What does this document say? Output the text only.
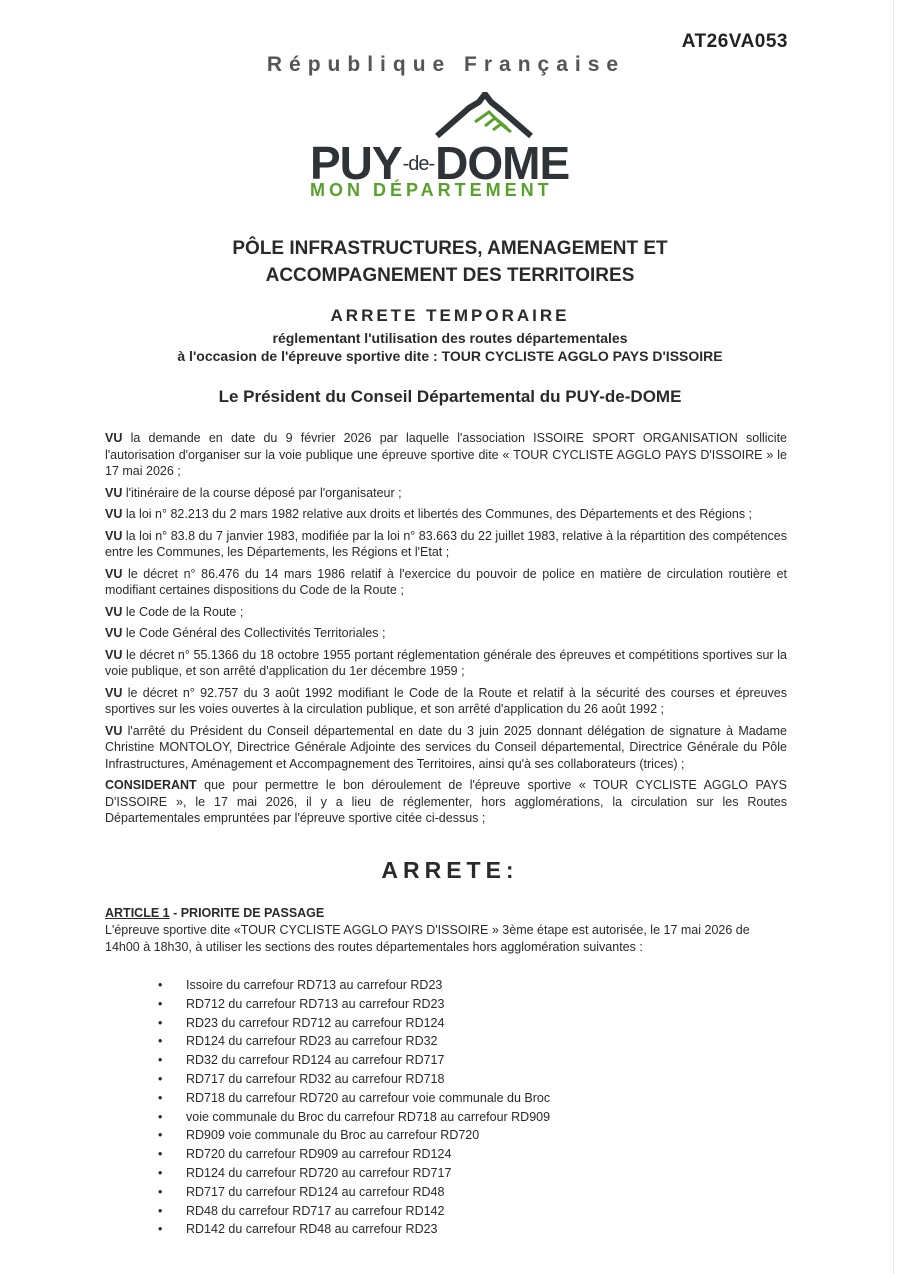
AT26VA053
République Française
PUY-de-DOME
MON DÉPARTEMENT
PÔLE INFRASTRUCTURES, AMENAGEMENT ET
ACCOMPAGNEMENT DES TERRITOIRES
ARRETE TEMPORAIRE
réglementant l'utilisation des routes départementales
à l'occasion de l'épreuve sportive dite : TOUR CYCLISTE AGGLO PAYS D'ISSOIRE
Le Président du Conseil Départemental du PUY-de-DOME

VU la demande en date du 9 février 2026 par laquelle l'association ISSOIRE SPORT ORGANISATION sollicite l'autorisation d'organiser sur la voie publique une épreuve sportive dite « TOUR CYCLISTE AGGLO PAYS D'ISSOIRE » le 17 mai 2026 ;

VU l'itinéraire de la course déposé par l'organisateur ;

VU la loi n° 82.213 du 2 mars 1982 relative aux droits et libertés des Communes, des Départements et des Régions ;

VU la loi n° 83.8 du 7 janvier 1983, modifiée par la loi n° 83.663 du 22 juillet 1983, relative à la répartition des compétences entre les Communes, les Départements, les Régions et l'Etat ;

VU le décret n° 86.476 du 14 mars 1986 relatif à l'exercice du pouvoir de police en matière de circulation routière et modifiant certaines dispositions du Code de la Route ;

VU le Code de la Route ;

VU le Code Général des Collectivités Territoriales ;

VU le décret n° 55.1366 du 18 octobre 1955 portant réglementation générale des épreuves et compétitions sportives sur la voie publique, et son arrêté d'application du 1er décembre 1959 ;

VU le décret n° 92.757 du 3 août 1992 modifiant le Code de la Route et relatif à la sécurité des courses et épreuves sportives sur les voies ouvertes à la circulation publique, et son arrêté d'application du 26 août 1992 ;

VU l'arrêté du Président du Conseil départemental en date du 3 juin 2025 donnant délégation de signature à Madame Christine MONTOLOY, Directrice Générale Adjointe des services du Conseil départemental, Directrice Générale du Pôle Infrastructures, Aménagement et Accompagnement des Territoires, ainsi qu'à ses collaborateurs (trices) ;

CONSIDERANT que pour permettre le bon déroulement de l'épreuve sportive « TOUR CYCLISTE AGGLO PAYS D'ISSOIRE », le 17 mai 2026, il y a lieu de réglementer, hors agglomérations, la circulation sur les Routes Départementales empruntées par l'épreuve sportive citée ci-dessus ;

ARRETE:

ARTICLE 1 - PRIORITE DE PASSAGE

L'épreuve sportive dite «TOUR CYCLISTE AGGLO PAYS D'ISSOIRE » 3ème étape est autorisée, le 17 mai 2026 de 14h00 à 18h30, à utiliser les sections des routes départementales hors agglomération suivantes :

• Issoire du carrefour RD713 au carrefour RD23
• RD712 du carrefour RD713 au carrefour RD23
• RD23 du carrefour RD712 au carrefour RD124
• RD124 du carrefour RD23 au carrefour RD32
• RD32 du carrefour RD124 au carrefour RD717
• RD717 du carrefour RD32 au carrefour RD718
• RD718 du carrefour RD720 au carrefour voie communale du Broc
• voie communale du Broc du carrefour RD718 au carrefour RD909
• RD909 voie communale du Broc au carrefour RD720
• RD720 du carrefour RD909 au carrefour RD124
• RD124 du carrefour RD720 au carrefour RD717
• RD717 du carrefour RD124 au carrefour RD48
• RD48 du carrefour RD717 au carrefour RD142
• RD142 du carrefour RD48 au carrefour RD23
